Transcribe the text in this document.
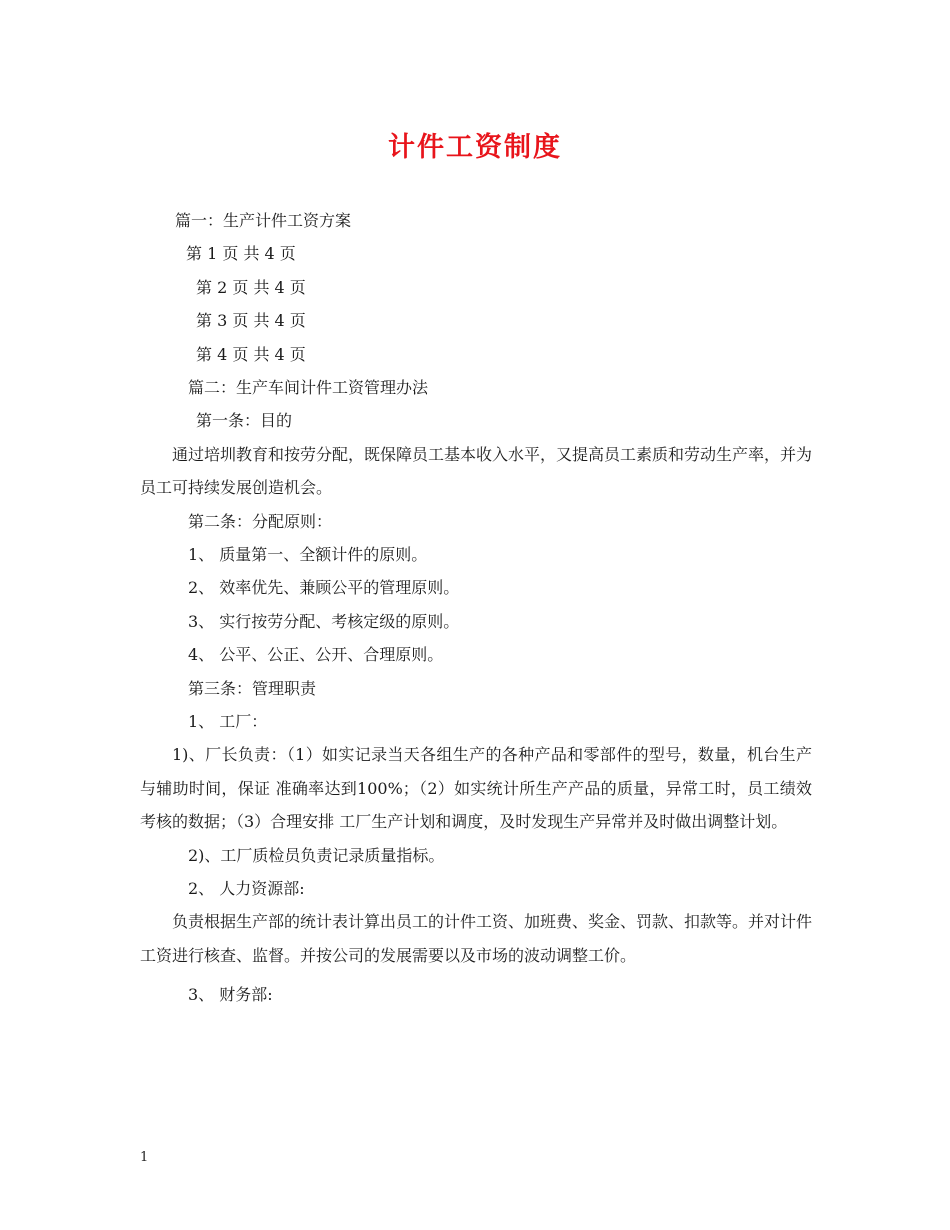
计件工资制度
篇一：生产计件工资方案
第 1 页 共 4 页
第 2 页 共 4 页
第 3 页 共 4 页
第 4 页 共 4 页
篇二：生产车间计件工资管理办法
第一条：目的
通过培圳教育和按劳分配，既保障员工基本收入水平，又提高员工素质和劳动生产率，并为员工可持续发展创造机会。
第二条：分配原则：
1、 质量第一、全额计件的原则。
2、 效率优先、兼顾公平的管理原则。
3、 实行按劳分配、考核定级的原则。
4、 公平、公正、公开、合理原则。
第三条：管理职责
1、 工厂：
1)、厂长负责：（1）如实记录当天各组生产的各种产品和零部件的型号，数量，机台生产与辅助时间，保证 准确率达到100%；（2）如实统计所生产产品的质量，异常工时，员工绩效考核的数据；（3）合理安排 工厂生产计划和调度，及时发现生产异常并及时做出调整计划。
2)、工厂质检员负责记录质量指标。
2、 人力资源部:
负责根据生产部的统计表计算出员工的计件工资、加班费、奖金、罚款、扣款等。并对计件工资进行核查、监督。并按公司的发展需要以及市场的波动调整工价。
3、 财务部:
1
